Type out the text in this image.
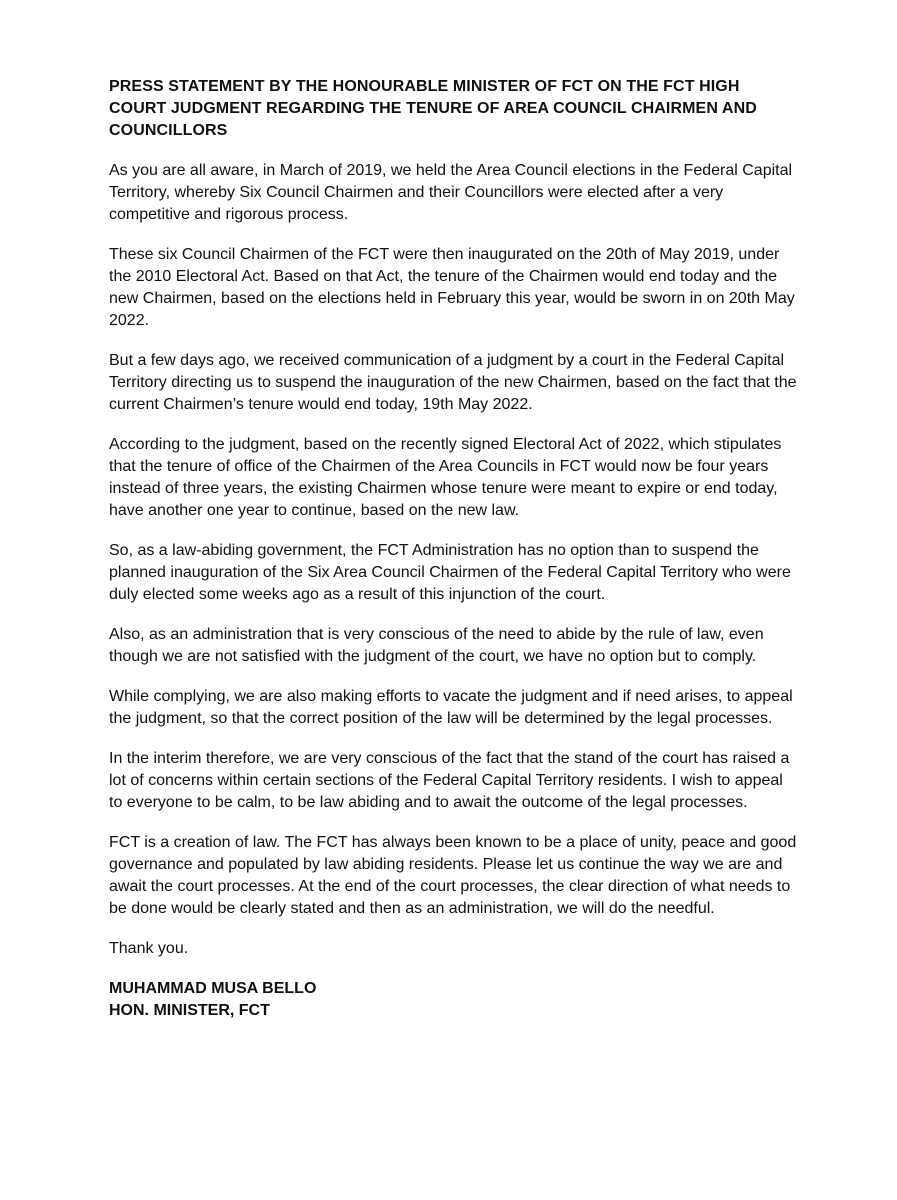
PRESS STATEMENT BY THE HONOURABLE MINISTER OF FCT ON THE FCT HIGH COURT JUDGMENT REGARDING THE TENURE OF AREA COUNCIL CHAIRMEN AND COUNCILLORS

As you are all aware, in March of 2019, we held the Area Council elections in the Federal Capital Territory, whereby Six Council Chairmen and their Councillors were elected after a very competitive and rigorous process.

These six Council Chairmen of the FCT were then inaugurated on the 20th of May 2019, under the 2010 Electoral Act. Based on that Act, the tenure of the Chairmen would end today and the new Chairmen, based on the elections held in February this year, would be sworn in on 20th May 2022.

But a few days ago, we received communication of a judgment by a court in the Federal Capital Territory directing us to suspend the inauguration of the new Chairmen, based on the fact that the current Chairmen’s tenure would end today, 19th May 2022.

According to the judgment, based on the recently signed Electoral Act of 2022, which stipulates that the tenure of office of the Chairmen of the Area Councils in FCT would now be four years instead of three years, the existing Chairmen whose tenure were meant to expire or end today, have another one year to continue, based on the new law.

So, as a law-abiding government, the FCT Administration has no option than to suspend the planned inauguration of the Six Area Council Chairmen of the Federal Capital Territory who were duly elected some weeks ago as a result of this injunction of the court.

Also, as an administration that is very conscious of the need to abide by the rule of law, even though we are not satisfied with the judgment of the court, we have no option but to comply.

While complying, we are also making efforts to vacate the judgment and if need arises, to appeal the judgment, so that the correct position of the law will be determined by the legal processes.

In the interim therefore, we are very conscious of the fact that the stand of the court has raised a lot of concerns within certain sections of the Federal Capital Territory residents. I wish to appeal to everyone to be calm, to be law abiding and to await the outcome of the legal processes.

FCT is a creation of law. The FCT has always been known to be a place of unity, peace and good governance and populated by law abiding residents. Please let us continue the way we are and await the court processes. At the end of the court processes, the clear direction of what needs to be done would be clearly stated and then as an administration, we will do the needful.

Thank you.

MUHAMMAD MUSA BELLO

HON. MINISTER, FCT
